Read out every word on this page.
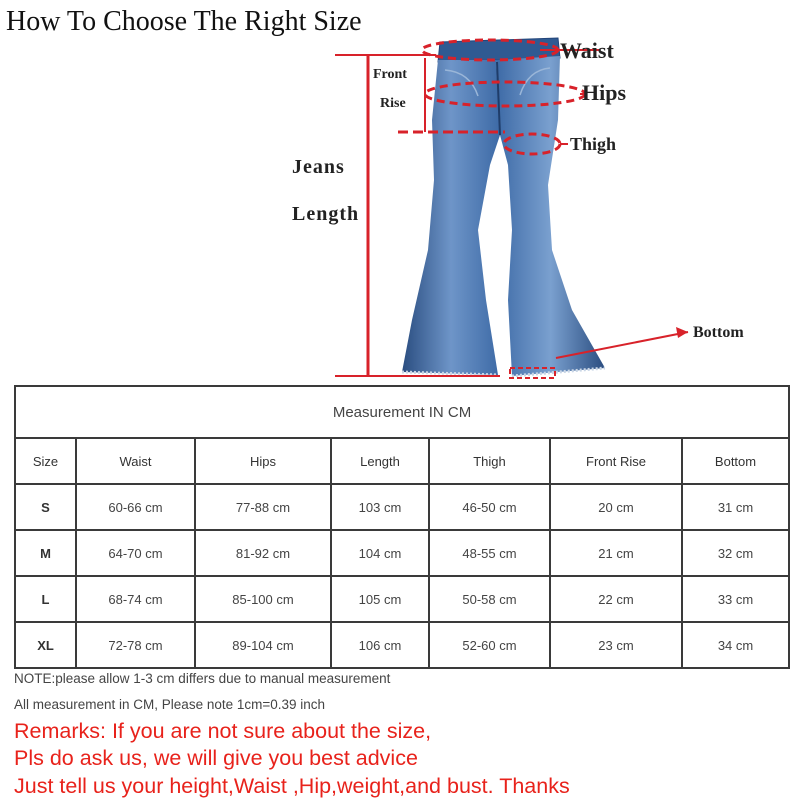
How To Choose The Right Size
Waist
Hips
Thigh
Front
Rise
Jeans
Length
Bottom
Measurement IN CM						
Size	Waist	Hips	Length	Thigh	Front Rise	Bottom
S	60-66 cm	77-88 cm	103 cm	46-50 cm	20 cm	31 cm
M	64-70 cm	81-92 cm	104 cm	48-55 cm	21 cm	32 cm
L	68-74 cm	85-100 cm	105 cm	50-58 cm	22 cm	33 cm
XL	72-78 cm	89-104 cm	106 cm	52-60 cm	23 cm	34 cm
NOTE:please allow 1-3 cm differs due to manual measurement
All measurement in CM, Please note 1cm=0.39 inch
Remarks: If you are not sure about the size,
Pls do ask us, we will give you best advice
Just tell us your height,Waist ,Hip,weight,and bust. Thanks
